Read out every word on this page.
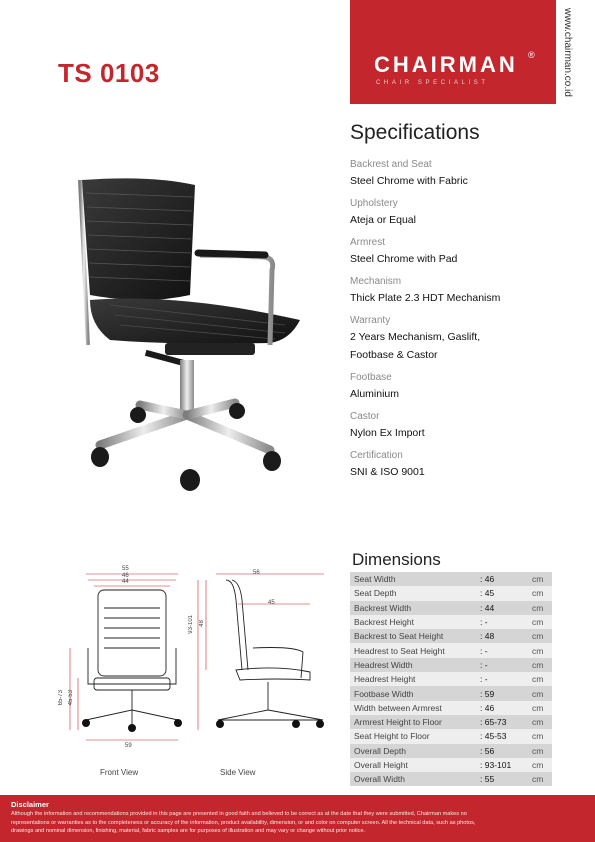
TS 0103	CHAIRMAN ®
CHAIR SPECIALIST	www.chairman.co.id
Specifications
Backrest and Seat
Steel Chrome with Fabric
Upholstery
Ateja or Equal
Armrest
Steel Chrome with Pad
Mechanism
Thick Plate 2.3 HDT Mechanism
Warranty
2 Years Mechanism, Gaslift,
Footbase & Castor
Footbase
Aluminium
Castor
Nylon Ex Import
Certification
SNI & ISO 9001
55
46
44
65-73 45-53
59
56
45
93-101 48
Front View	Side View
Dimensions
Seat Width	: 46	cm
Seat Depth	: 45	cm
Backrest Width	: 44	cm
Backrest Height	: -	cm
Backrest to Seat Height	: 48	cm
Headrest to Seat Height	: -	cm
Headrest Width	: -	cm
Headrest Height	: -	cm
Footbase Width	: 59	cm
Width between Armrest	: 46	cm
Armrest Height to Floor	: 65-73	cm
Seat Height to Floor	: 45-53	cm
Overall Depth	: 56	cm
Overall Height	: 93-101	cm
Overall Width	: 55	cm
Disclaimer
Although the information and recommendations provided in this page are presented in good faith and believed to be correct as at the date that they were submitted, Chairman makes no
representations or warranties as to the completeness or accuracy of the information, product availability, dimension, or and color on computer screen. All the technical data, such as photos,
drawings and nominal dimension, finishing, material, fabric samples are for purposes of illustration and may vary or change without prior notice.
